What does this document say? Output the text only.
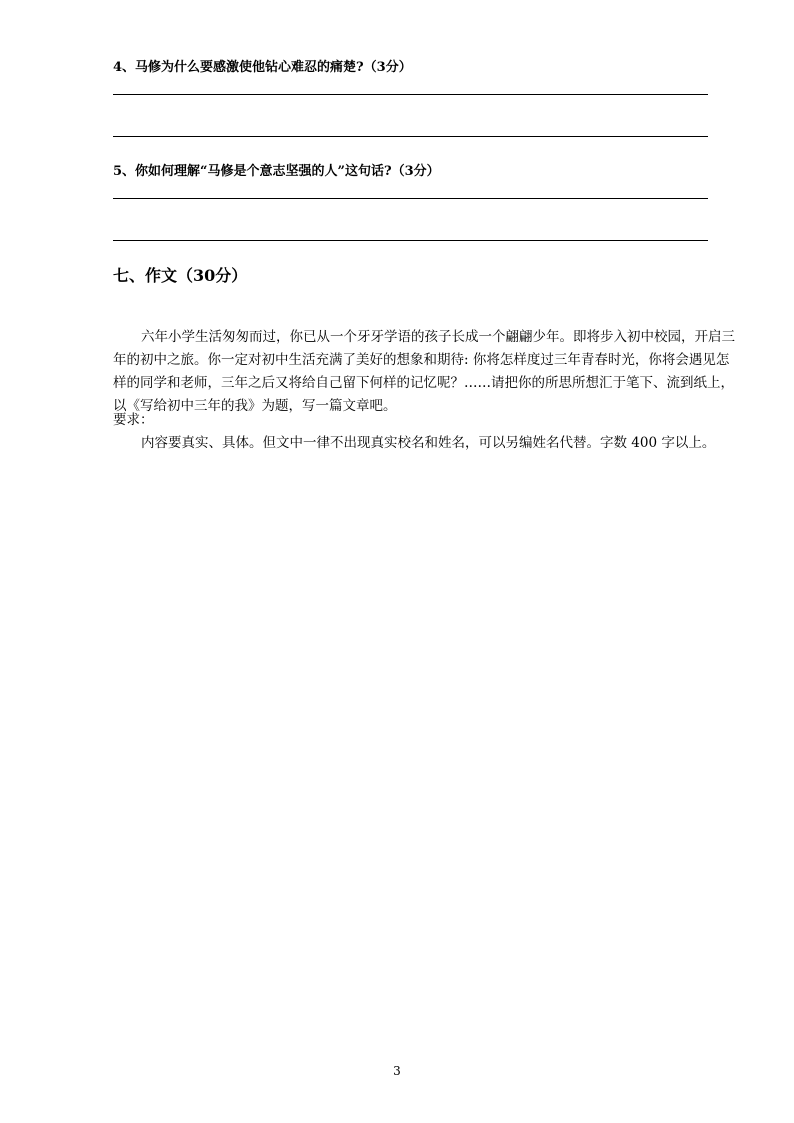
4、马修为什么要感激使他钻心难忍的痛楚?（3分）
5、你如何理解“马修是个意志坚强的人”这句话?（3分）
七、作文（30分）

六年小学生活匆匆而过，你已从一个牙牙学语的孩子长成一个翩翩少年。即将步入初中校园，开启三年的初中之旅。你一定对初中生活充满了美好的想象和期待: 你将怎样度过三年青春时光，你将会遇见怎样的同学和老师，三年之后又将给自己留下何样的记忆呢？……请把你的所思所想汇于笔下、流到纸上，以《写给初中三年的我》为题，写一篇文章吧。

要求：
内容要真实、具体。但文中一律不出现真实校名和姓名，可以另编姓名代替。字数 400 字以上。
3
